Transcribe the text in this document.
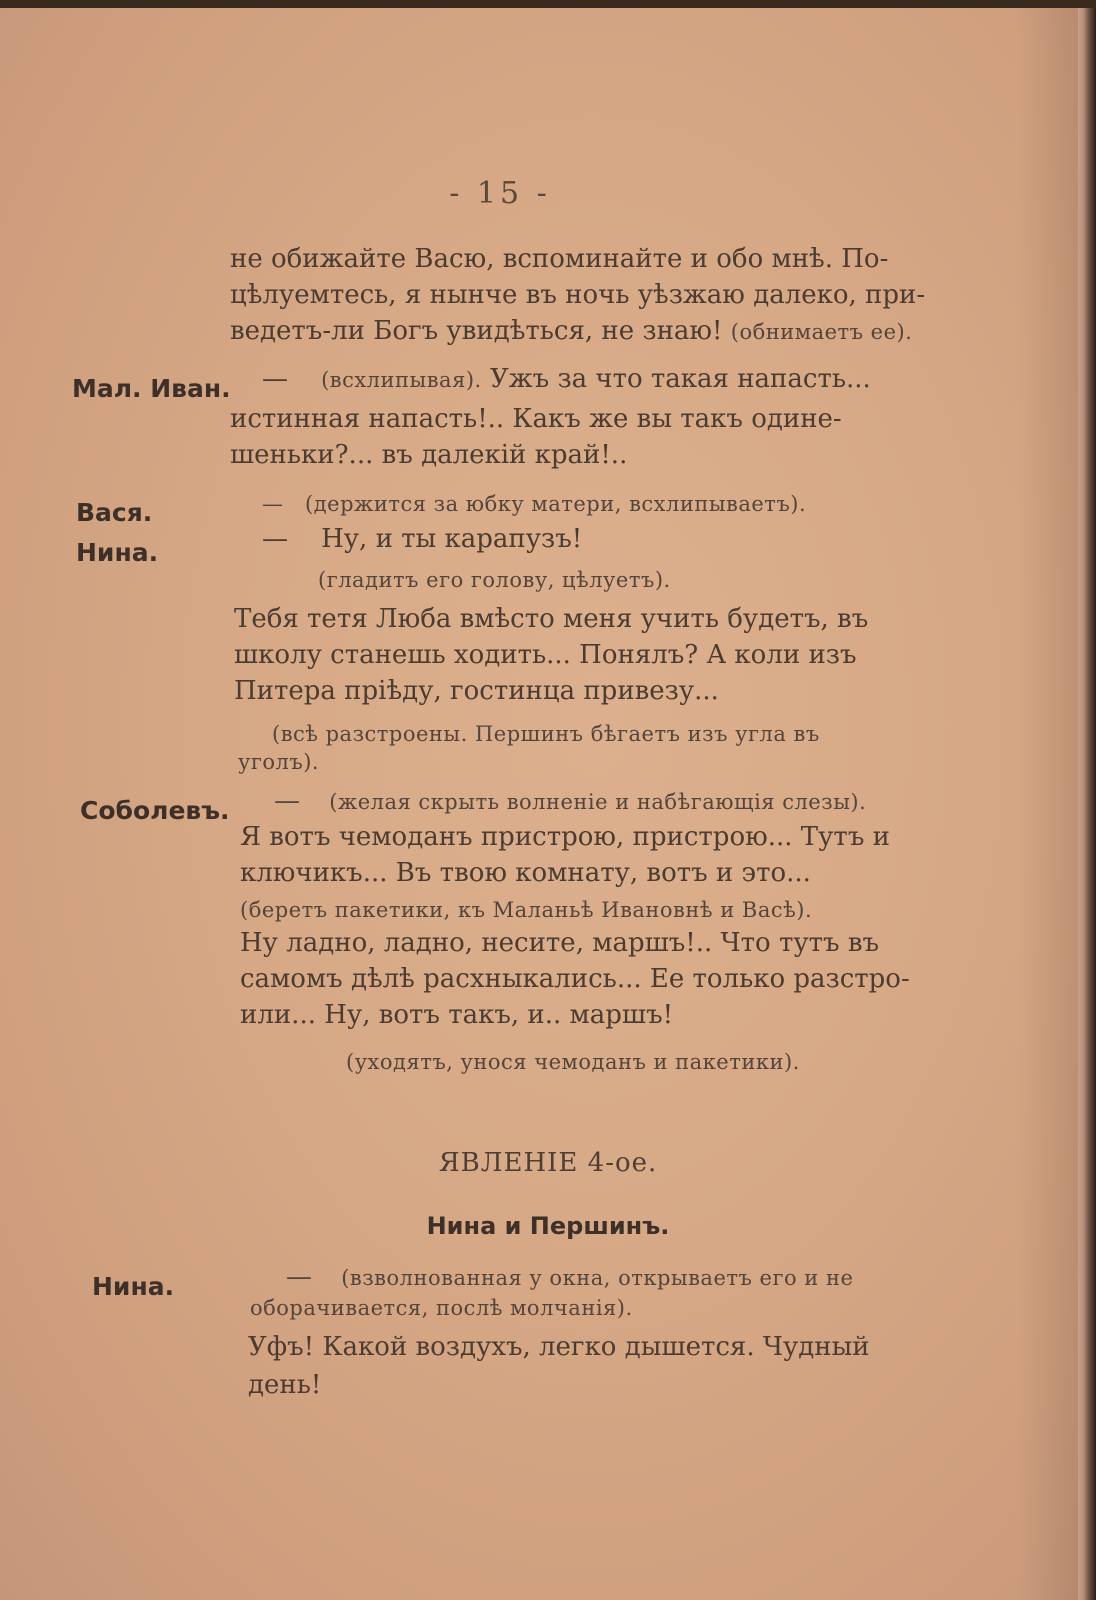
- 15 -
не обижайте Васю, вспоминайте и обо мнѣ. По-
цѣлуемтесь, я нынче въ ночь уѣзжаю далеко, при-
ведетъ-ли Богъ увидѣться, не знаю! (обнимаетъ ее).
Мал. Иван. — (всхлипывая). Ужъ за что такая напасть...
истинная напасть!.. Какъ же вы такъ одине-
шеньки?... въ далекій край!..
Вася.	— (держится за юбку матери, всхлипываетъ).
Нина.	— Ну, и ты карапузъ!
(гладитъ его голову, цѣлуетъ).
Тебя тетя Люба вмѣсто меня учить будетъ, въ
школу станешь ходить... Понялъ? А коли изъ
Питера пріѣду, гостинца привезу...
(всѣ разстроены. Першинъ бѣгаетъ изъ угла въ
уголъ).
Соболевъ. — (желая скрыть волненіе и набѣгающія слезы).
Я вотъ чемоданъ пристрою, пристрою... Тутъ и
ключикъ... Въ твою комнату, вотъ и это...
(беретъ пакетики, къ Маланьѣ Ивановнѣ и Васѣ).
Ну ладно, ладно, несите, маршъ!.. Что тутъ въ
самомъ дѣлѣ расхныкались... Ее только разстро-
или... Ну, вотъ такъ, и.. маршъ!
(уходятъ, унося чемоданъ и пакетики).
ЯВЛЕНІЕ 4-ое.
Нина и Першинъ.
Нина.	— (взволнованная у окна, открываетъ его и не
оборачивается, послѣ молчанія).
Уфъ! Какой воздухъ, легко дышется. Чудный
день!
